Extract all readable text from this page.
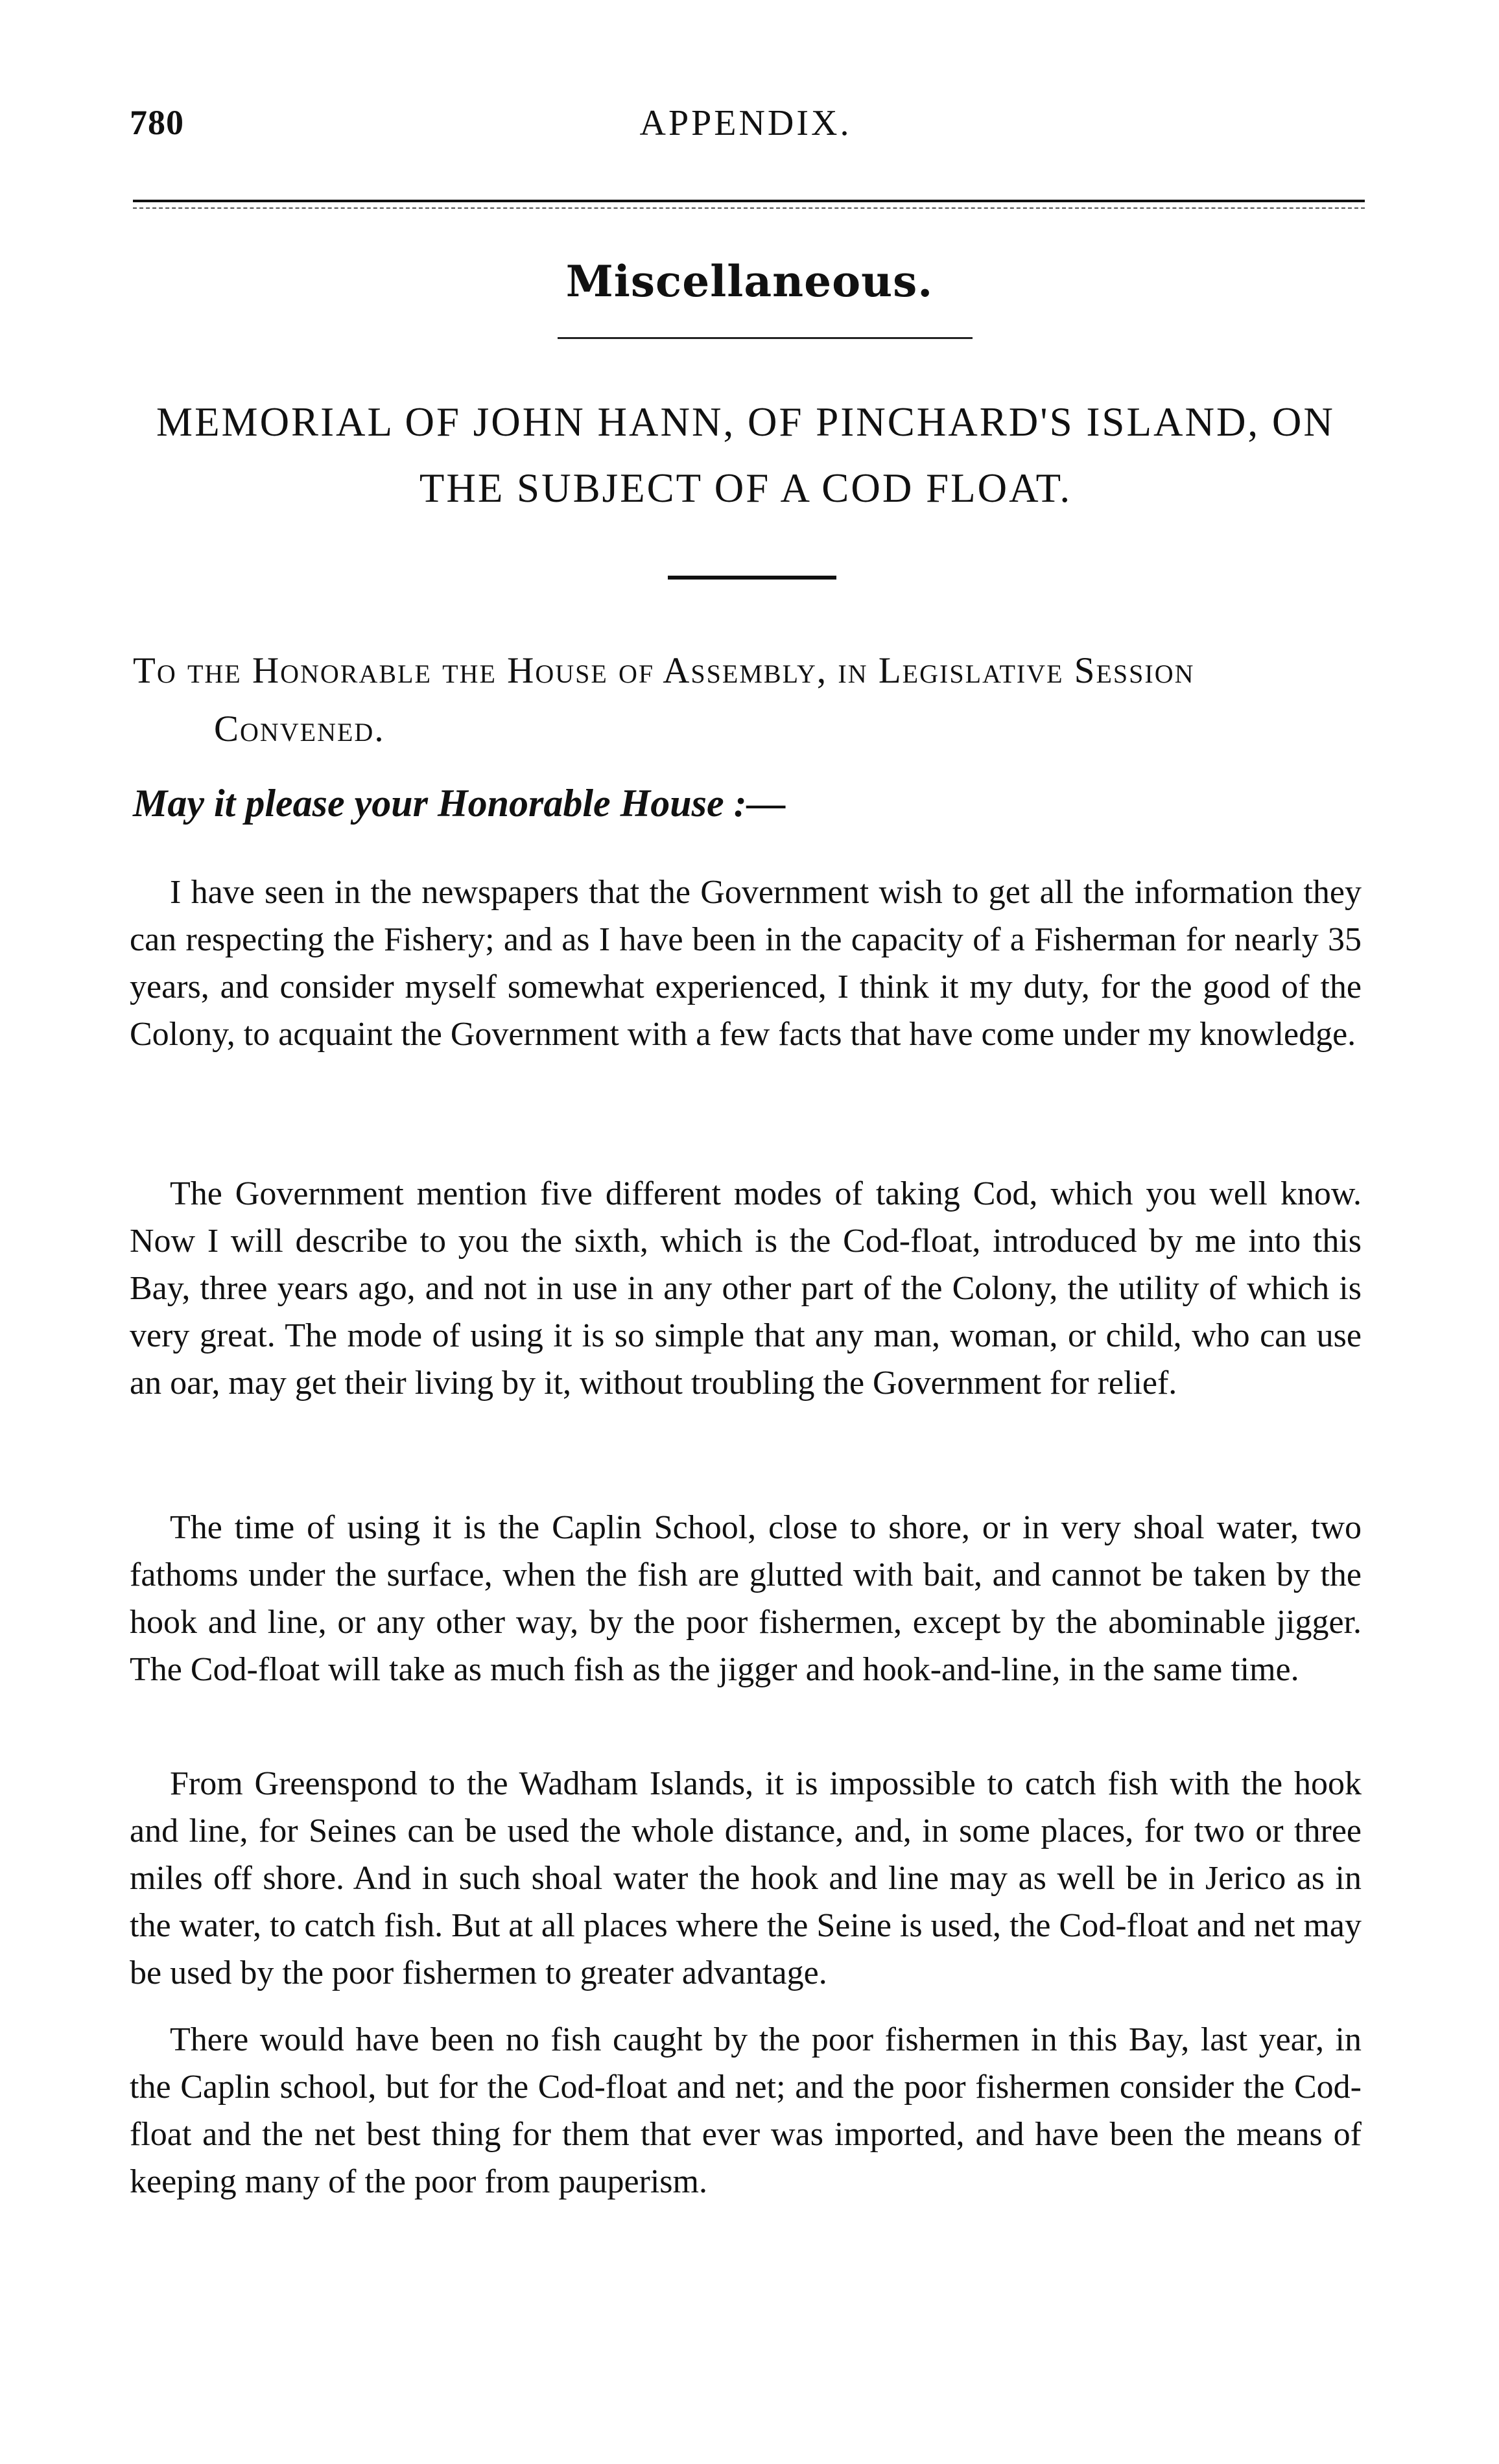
780	APPENDIX.
Miscellaneous.
MEMORIAL OF JOHN HANN, OF PINCHARD'S ISLAND, ON THE SUBJECT OF A COD FLOAT.
To the Honorable the House of Assembly, in Legislative Session
Convened.
May it please your Honorable House :—

I have seen in the newspapers that the Government wish to get all the information they can respecting the Fishery; and as I have been in the capacity of a Fisherman for nearly 35 years, and consider myself somewhat experienced, I think it my duty, for the good of the Colony, to acquaint the Government with a few facts that have come under my knowledge.

The Government mention five different modes of taking Cod, which you well know. Now I will describe to you the sixth, which is the Cod-float, introduced by me into this Bay, three years ago, and not in use in any other part of the Colony, the utility of which is very great. The mode of using it is so simple that any man, woman, or child, who can use an oar, may get their living by it, without troubling the Government for relief.

The time of using it is the Caplin School, close to shore, or in very shoal water, two fathoms under the surface, when the fish are glutted with bait, and cannot be taken by the hook and line, or any other way, by the poor fishermen, except by the abominable jigger. The Cod-float will take as much fish as the jigger and hook-and-line, in the same time.

From Greenspond to the Wadham Islands, it is impossible to catch fish with the hook and line, for Seines can be used the whole distance, and, in some places, for two or three miles off shore. And in such shoal water the hook and line may as well be in Jerico as in the water, to catch fish. But at all places where the Seine is used, the Cod-float and net may be used by the poor fishermen to greater advantage.

There would have been no fish caught by the poor fishermen in this Bay, last year, in the Caplin school, but for the Cod-float and net; and the poor fishermen consider the Cod-float and the net best thing for them that ever was imported, and have been the means of keeping many of the poor from pauperism.
